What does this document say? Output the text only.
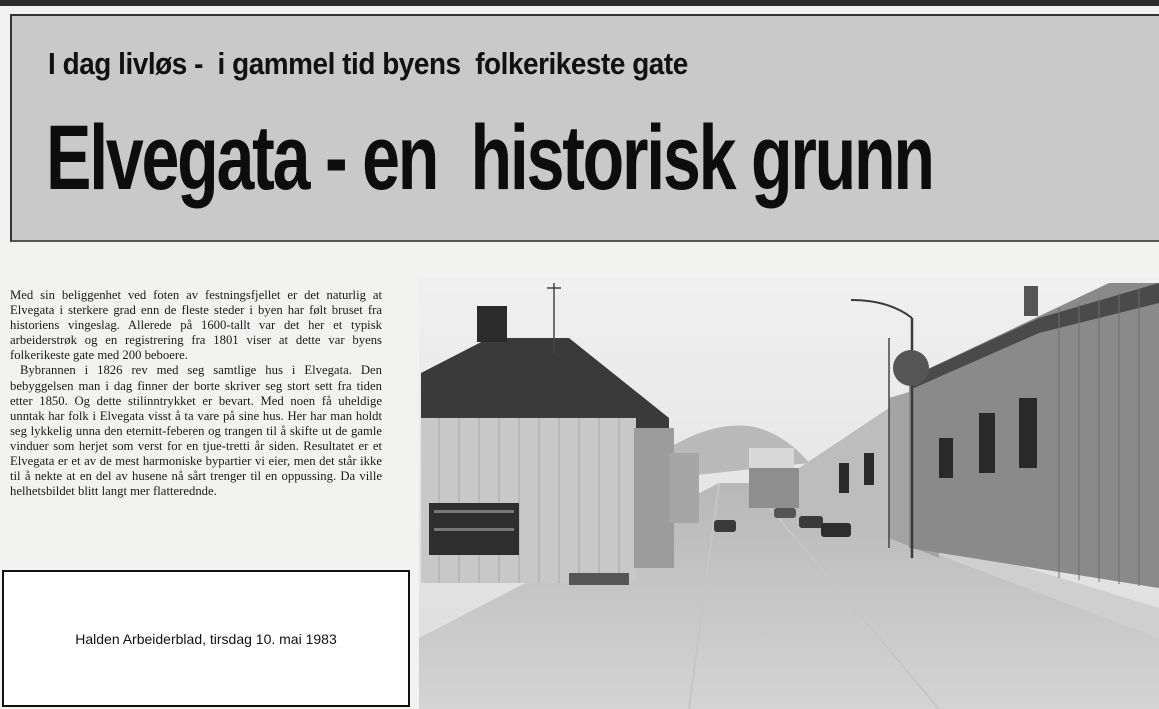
I dag livløs -  i gammel tid byens  folkerikeste gate
Elvegata - en  historisk grunn

Med sin beliggenhet ved foten av festningsfjellet er det naturlig at Elvegata i sterkere grad enn de fleste steder i byen har følt bruset fra historiens vingeslag. Allerede på 1600-tallt var det her et typisk arbeiderstrøk og en registrering fra 1801 viser at dette var byens folkerikeste gate med 200 beboere.

Bybrannen i 1826 rev med seg samtlige hus i Elvegata. Den bebyggelsen man i dag finner der borte skriver seg stort sett fra tiden etter 1850. Og dette stilinntrykket er bevart. Med noen få uheldige unntak har folk i Elvegata visst å ta vare på sine hus. Her har man holdt seg lykkelig unna den eternitt-feberen og trangen til å skifte ut de gamle vinduer som herjet som verst for en tjue-tretti år siden. Resultatet er et Elvegata er et av de mest harmoniske bypartier vi eier, men det står ikke til å nekte at en del av husene nå sårt trenger til en oppussing. Da ville helhetsbildet blitt langt mer flatteredndе.

Halden Arbeiderblad, tirsdag 10. mai 1983
